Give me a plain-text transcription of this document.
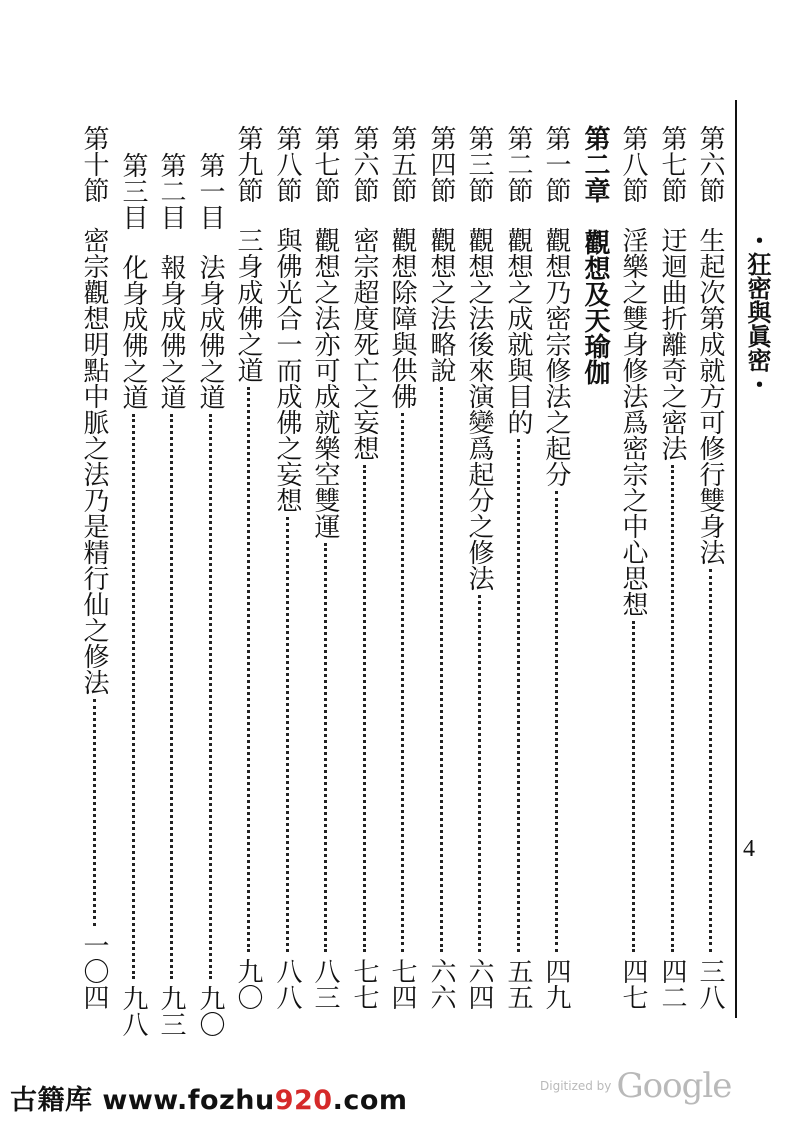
・狂密與眞密・
4
第六節
生起次第成就方可修行雙身法
三八
第七節
迂迴曲折離奇之密法
四二
第八節
淫樂之雙身修法爲密宗之中心思想
四七
第二章
觀想及天瑜伽
第一節
觀想乃密宗修法之起分
四九
第二節
觀想之成就與目的
五五
第三節
觀想之法後來演變爲起分之修法
六四
第四節
觀想之法略說
六六
第五節
觀想除障與供佛
七四
第六節
密宗超度死亡之妄想
七七
第七節
觀想之法亦可成就樂空雙運
八三
第八節
與佛光合一而成佛之妄想
八八
第九節
三身成佛之道
九〇
第一目
法身成佛之道
九〇
第二目
報身成佛之道
九三
第三目
化身成佛之道
九八
第十節
密宗觀想明點中脈之法乃是精行仙之修法
一〇四
古籍库 www.fozhu920.com	Digitized by Google
